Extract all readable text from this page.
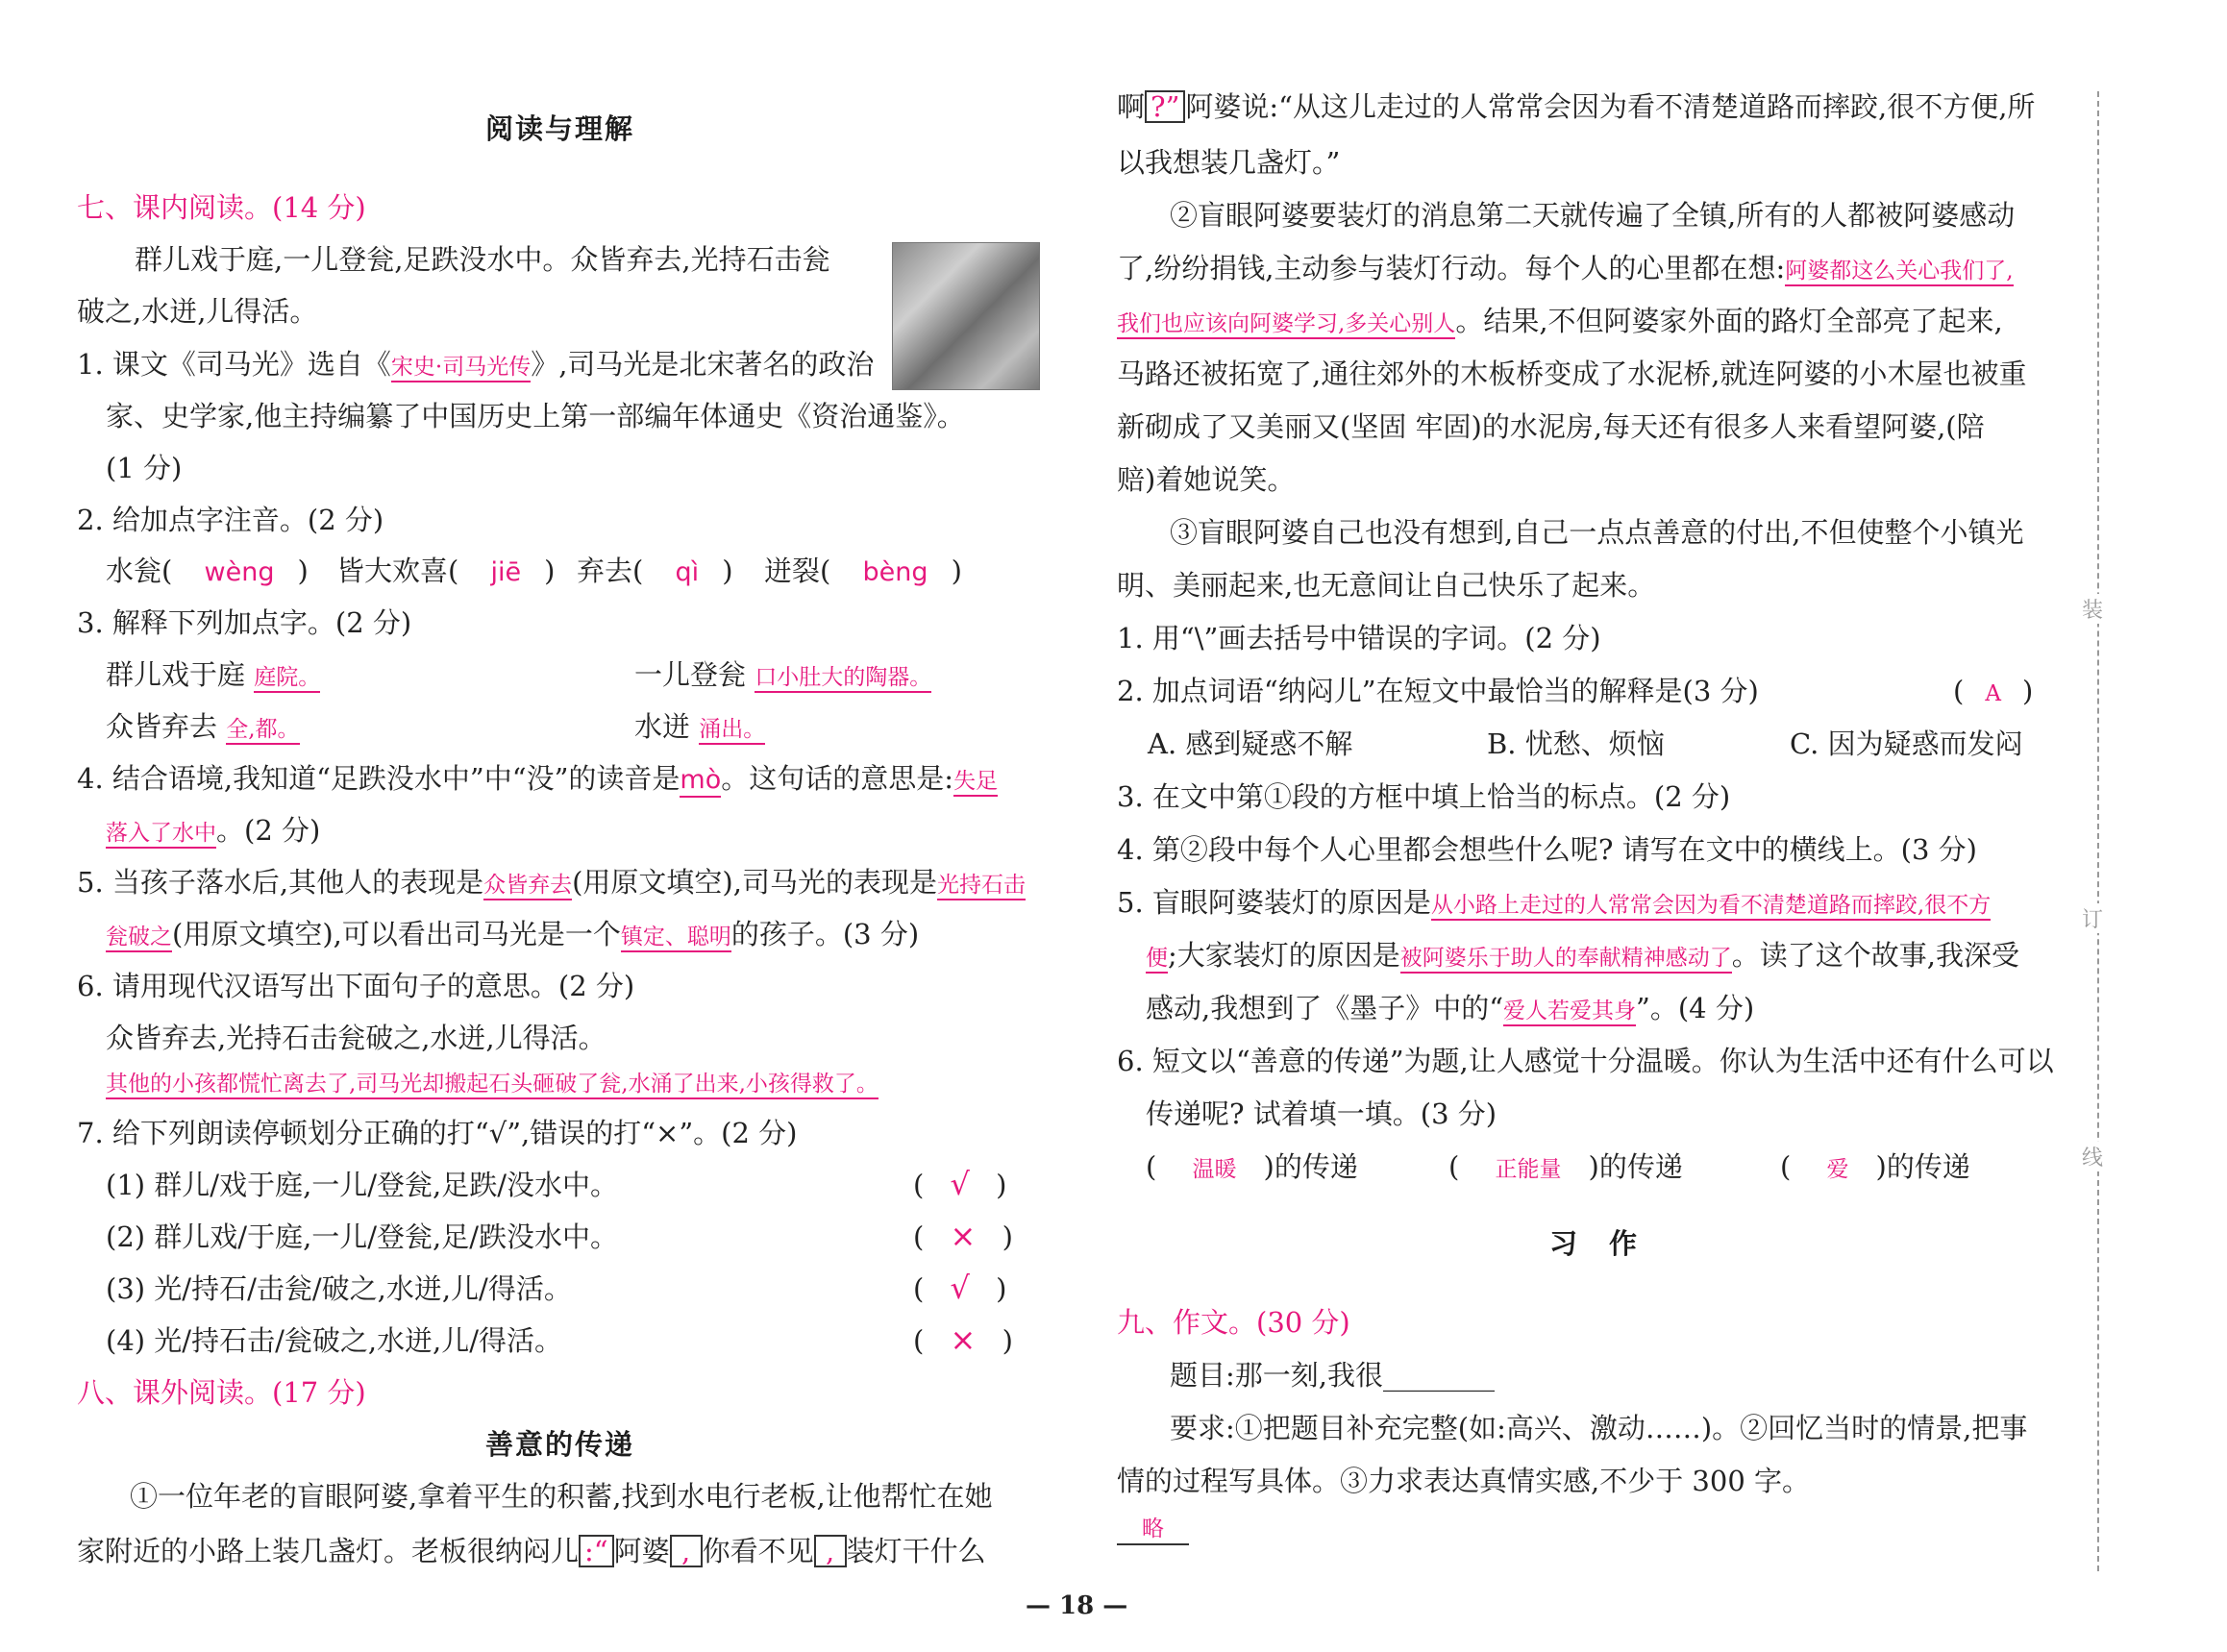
阅读与理解
七、课内阅读。(14 分)
群儿戏于庭,一儿登瓮,足跌没水中。众皆弃去,光持石击瓮
破之,水迸,儿得活。
1. 课文《司马光》选自《宋史·司马光传》,司马光是北宋著名的政治
家、史学家,他主持编纂了中国历史上第一部编年体通史《资治通鉴》。
(1 分)
2. 给加点字注音。(2 分)
水瓮( wèng ) 皆大欢喜( jiē ) 弃去( qì ) 迸裂( bèng )
3. 解释下列加点字。(2 分)
群儿戏于庭 庭院。	一儿登瓮 口小肚大的陶器。
众皆弃去 全,都。	水迸 涌出。
4. 结合语境,我知道“足跌没水中”中“没”的读音是mò。这句话的意思是:失足
落入了水中。(2 分)
5. 当孩子落水后,其他人的表现是众皆弃去(用原文填空),司马光的表现是光持石击
瓮破之(用原文填空),可以看出司马光是一个镇定、聪明的孩子。(3 分)
6. 请用现代汉语写出下面句子的意思。(2 分)
众皆弃去,光持石击瓮破之,水迸,儿得活。
其他的小孩都慌忙离去了,司马光却搬起石头砸破了瓮,水涌了出来,小孩得救了。
7. 给下列朗读停顿划分正确的打“√”,错误的打“×”。(2 分)
(1) 群儿/戏于庭,一儿/登瓮,足跌/没水中。	( √ )
(2) 群儿戏/于庭,一儿/登瓮,足/跌没水中。	( × )
(3) 光/持石/击瓮/破之,水迸,儿/得活。	( √ )
(4) 光/持石击/瓮破之,水迸,儿/得活。	( × )
八、课外阅读。(17 分)
善意的传递
①一位年老的盲眼阿婆,拿着平生的积蓄,找到水电行老板,让他帮忙在她
家附近的小路上装几盏灯。老板很纳闷儿 :“ 阿婆 , 你看不见 , 装灯干什么
啊 ?” 阿婆说:“从这儿走过的人常常会因为看不清楚道路而摔跤,很不方便,所
以我想装几盏灯。”
②盲眼阿婆要装灯的消息第二天就传遍了全镇,所有的人都被阿婆感动
了,纷纷捐钱,主动参与装灯行动。每个人的心里都在想:阿婆都这么关心我们了,
我们也应该向阿婆学习,多关心别人。结果,不但阿婆家外面的路灯全部亮了起来,
马路还被拓宽了,通往郊外的木板桥变成了水泥桥,就连阿婆的小木屋也被重
新砌成了又美丽又(坚固 牢固)的水泥房,每天还有很多人来看望阿婆,(陪
赔)着她说笑。
③盲眼阿婆自己也没有想到,自己一点点善意的付出,不但使整个小镇光
明、美丽起来,也无意间让自己快乐了起来。
1. 用“\”画去括号中错误的字词。(2 分)
2. 加点词语“纳闷儿”在短文中最恰当的解释是(3 分)	( A )
A. 感到疑惑不解	B. 忧愁、烦恼	C. 因为疑惑而发闷
3. 在文中第①段的方框中填上恰当的标点。(2 分)
4. 第②段中每个人心里都会想些什么呢? 请写在文中的横线上。(3 分)
5. 盲眼阿婆装灯的原因是从小路上走过的人常常会因为看不清楚道路而摔跤,很不方
便;大家装灯的原因是被阿婆乐于助人的奉献精神感动了。读了这个故事,我深受
感动,我想到了《墨子》中的“爱人若爱其身”。(4 分)
6. 短文以“善意的传递”为题,让人感觉十分温暖。你认为生活中还有什么可以
传递呢? 试着填一填。(3 分)
( 温暖 )的传递	( 正能量 )的传递	( 爱 )的传递
习　作
九、作文。(30 分)
题目:那一刻,我很________
要求:①把题目补充完整(如:高兴、激动……)。②回忆当时的情景,把事
情的过程写具体。③力求表达真情实感,不少于 300 字。
略
装
订
线
— 18 —
